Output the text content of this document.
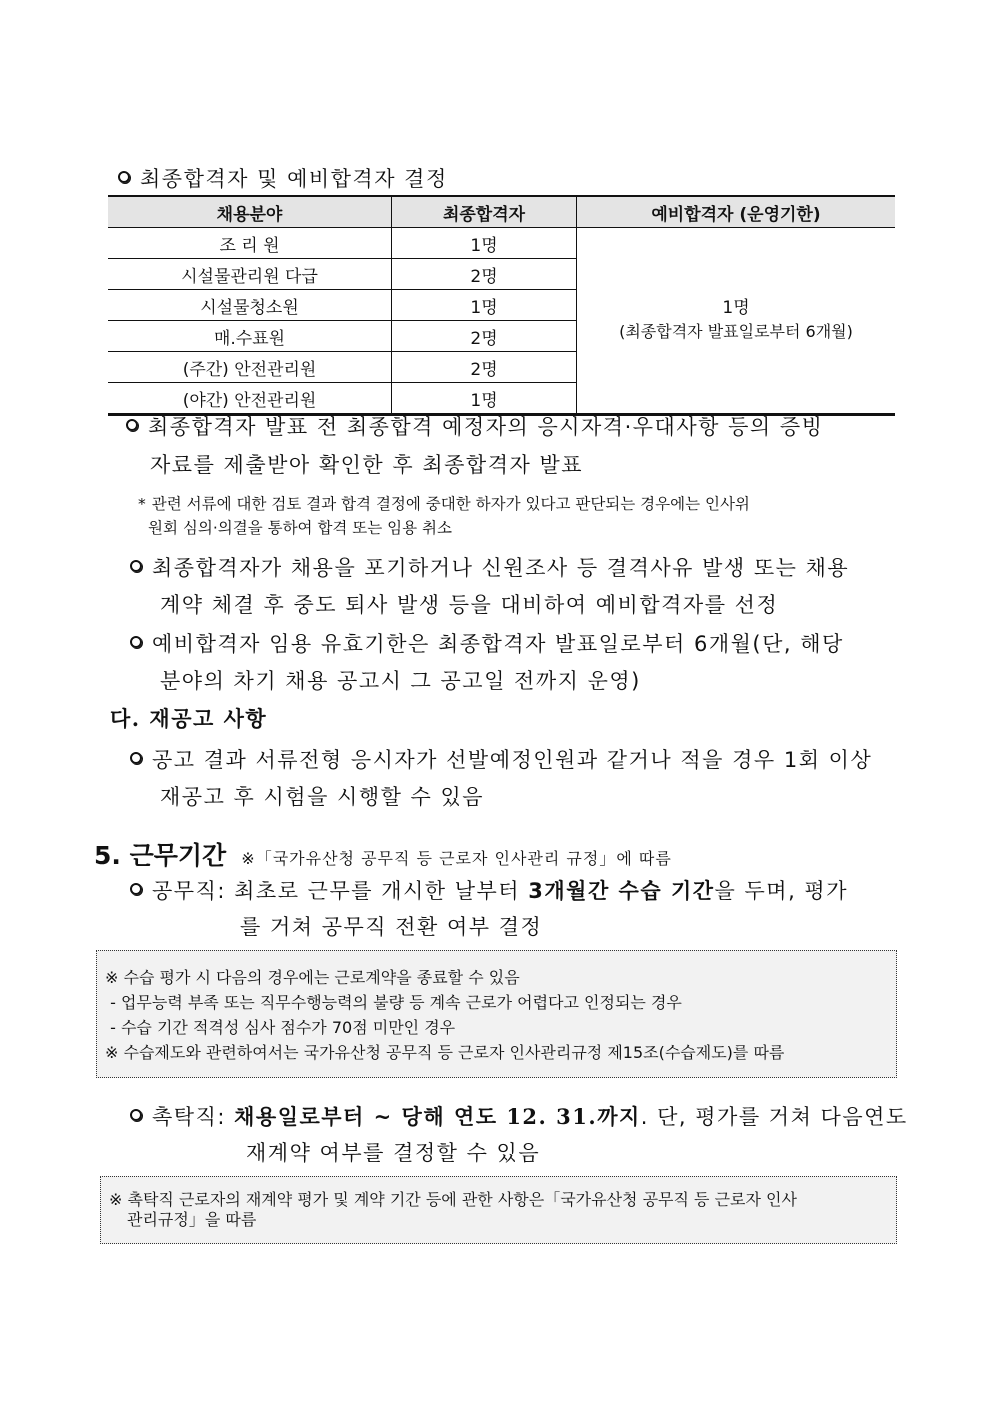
최종합격자 및 예비합격자 결정
채용분야	최종합격자	예비합격자 (운영기한)
조 리 원	1명	1명
(최종합격자 발표일로부터 6개월)

시설물관리원 다급	2명	
시설물청소원	1명	
매.수표원	2명	
(주간) 안전관리원	2명	
(야간) 안전관리원	1명	
최종합격자 발표 전 최종합격 예정자의 응시자격·우대사항 등의 증빙
자료를 제출받아 확인한 후 최종합격자 발표
* 관련 서류에 대한 검토 결과 합격 결정에 중대한 하자가 있다고 판단되는 경우에는 인사위
원회 심의·의결을 통하여 합격 또는 임용 취소
최종합격자가 채용을 포기하거나 신원조사 등 결격사유 발생 또는 채용
계약 체결 후 중도 퇴사 발생 등을 대비하여 예비합격자를 선정
예비합격자 임용 유효기한은 최종합격자 발표일로부터 6개월(단, 해당
분야의 차기 채용 공고시 그 공고일 전까지 운영)
다. 재공고 사항
공고 결과 서류전형 응시자가 선발예정인원과 같거나 적을 경우 1회 이상
재공고 후 시험을 시행할 수 있음
5. 근무기간 ※「국가유산청 공무직 등 근로자 인사관리 규정」에 따름
공무직: 최초로 근무를 개시한 날부터 3개월간 수습 기간을 두며, 평가
를 거쳐 공무직 전환 여부 결정
※ 수습 평가 시 다음의 경우에는 근로계약을 종료할 수 있음
- 업무능력 부족 또는 직무수행능력의 불량 등 계속 근로가 어렵다고 인정되는 경우
- 수습 기간 적격성 심사 점수가 70점 미만인 경우
※ 수습제도와 관련하여서는 국가유산청 공무직 등 근로자 인사관리규정 제15조(수습제도)를 따름
촉탁직: 채용일로부터 ~ 당해 연도 12. 31.까지. 단, 평가를 거쳐 다음연도
재계약 여부를 결정할 수 있음
※ 촉탁직 근로자의 재계약 평가 및 계약 기간 등에 관한 사항은「국가유산청 공무직 등 근로자 인사
관리규정」을 따름
